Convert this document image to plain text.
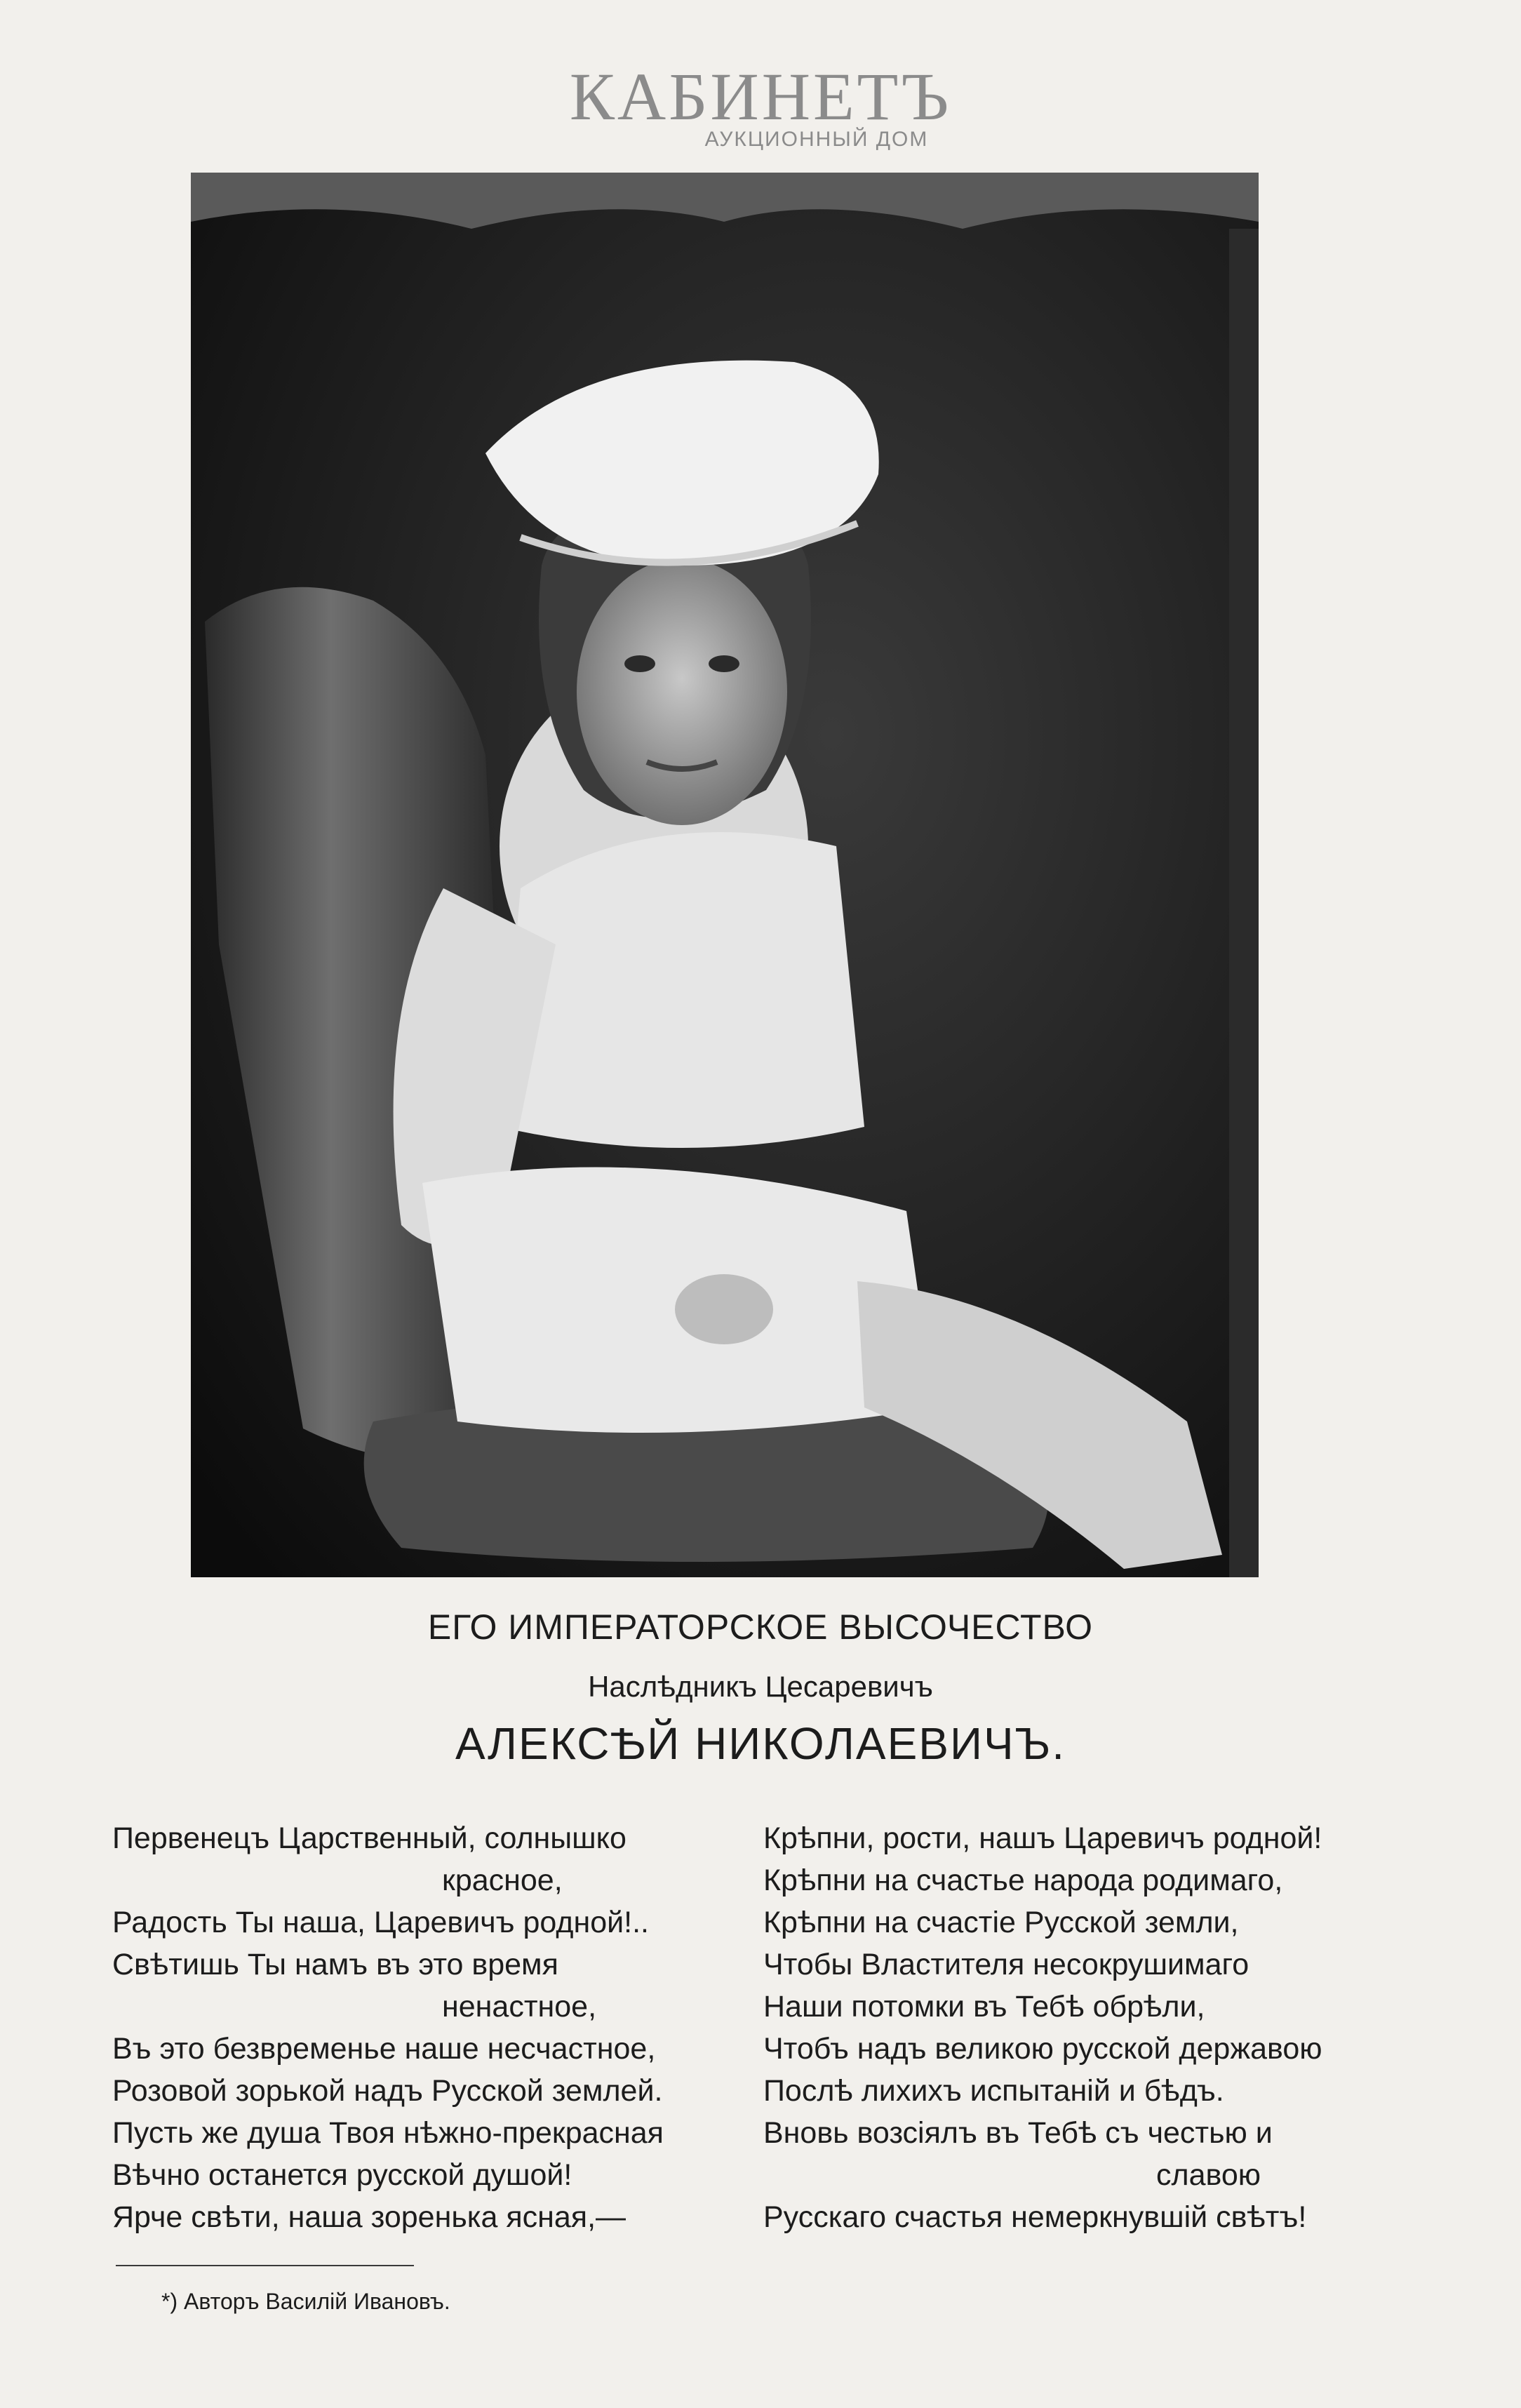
КАБИНЕТЪ
АУКЦИОННЫЙ ДОМ
ЕГО ИМПЕРАТОРСКОЕ ВЫСОЧЕСТВО
Наслѣдникъ Цесаревичъ
АЛЕКСѢЙ НИКОЛАЕВИЧЪ.
Первенецъ Царственный, солнышко
красное,
Радость Ты наша, Царевичъ родной!..
Свѣтишь Ты намъ въ это время
ненастное,
Въ это безвременье наше несчастное,
Розовой зорькой надъ Русской землей.
Пусть же душа Твоя нѣжно-прекрасная
Вѣчно останется русской душой!
Ярче свѣти, наша зоренька ясная,—
Крѣпни, рости, нашъ Царевичъ родной!
Крѣпни на счастье народа родимаго,
Крѣпни на счастіе Русской земли,
Чтобы Властителя несокрушимаго
Наши потомки въ Тебѣ обрѣли,
Чтобъ надъ великою русской державою
Послѣ лихихъ испытаній и бѣдъ.
Вновь возсіялъ въ Тебѣ съ честью и
славою
Русскаго счастья немеркнувшій свѣтъ!
*) Авторъ Василій Ивановъ.
